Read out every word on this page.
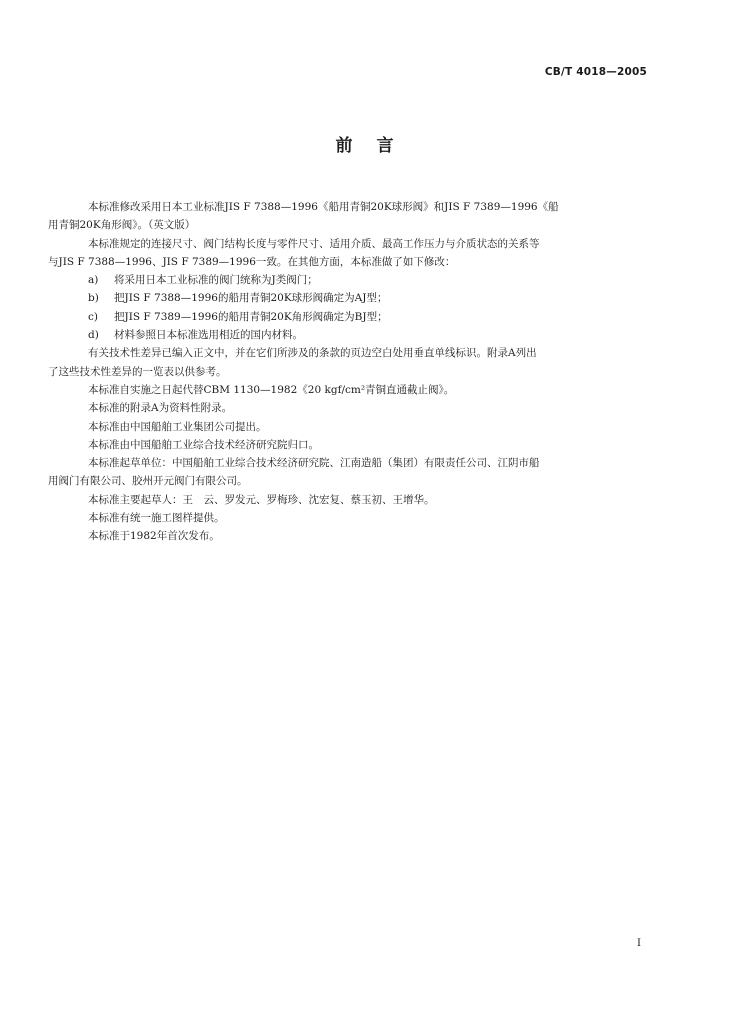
CB/T 4018—2005
前言

本标准修改采用日本工业标准JIS F 7388—1996《船用青铜20K球形阀》和JIS F 7389—1996《船
用青铜20K角形阀》。（英文版）

本标准规定的连接尺寸、阀门结构长度与零件尺寸、适用介质、最高工作压力与介质状态的关系等
与JIS F 7388—1996、JIS F 7389—1996一致。在其他方面，本标准做了如下修改：

a) 将采用日本工业标准的阀门统称为J类阀门；
b) 把JIS F 7388—1996的船用青铜20K球形阀确定为AJ型；
c) 把JIS F 7389—1996的船用青铜20K角形阀确定为BJ型；
d) 材料参照日本标准选用相近的国内材料。

有关技术性差异已编入正文中，并在它们所涉及的条款的页边空白处用垂直单线标识。附录A列出
了这些技术性差异的一览表以供参考。

本标准自实施之日起代替CBM 1130—1982《20 kgf/cm²青铜直通截止阀》。

本标准的附录A为资料性附录。

本标准由中国船舶工业集团公司提出。

本标准由中国船舶工业综合技术经济研究院归口。

本标准起草单位：中国船舶工业综合技术经济研究院、江南造船（集团）有限责任公司、江阴市船
用阀门有限公司、胶州开元阀门有限公司。

本标准主要起草人：王　云、罗发元、罗梅珍、沈宏复、蔡玉初、王增华。

本标准有统一施工图样提供。

本标准于1982年首次发布。

I
